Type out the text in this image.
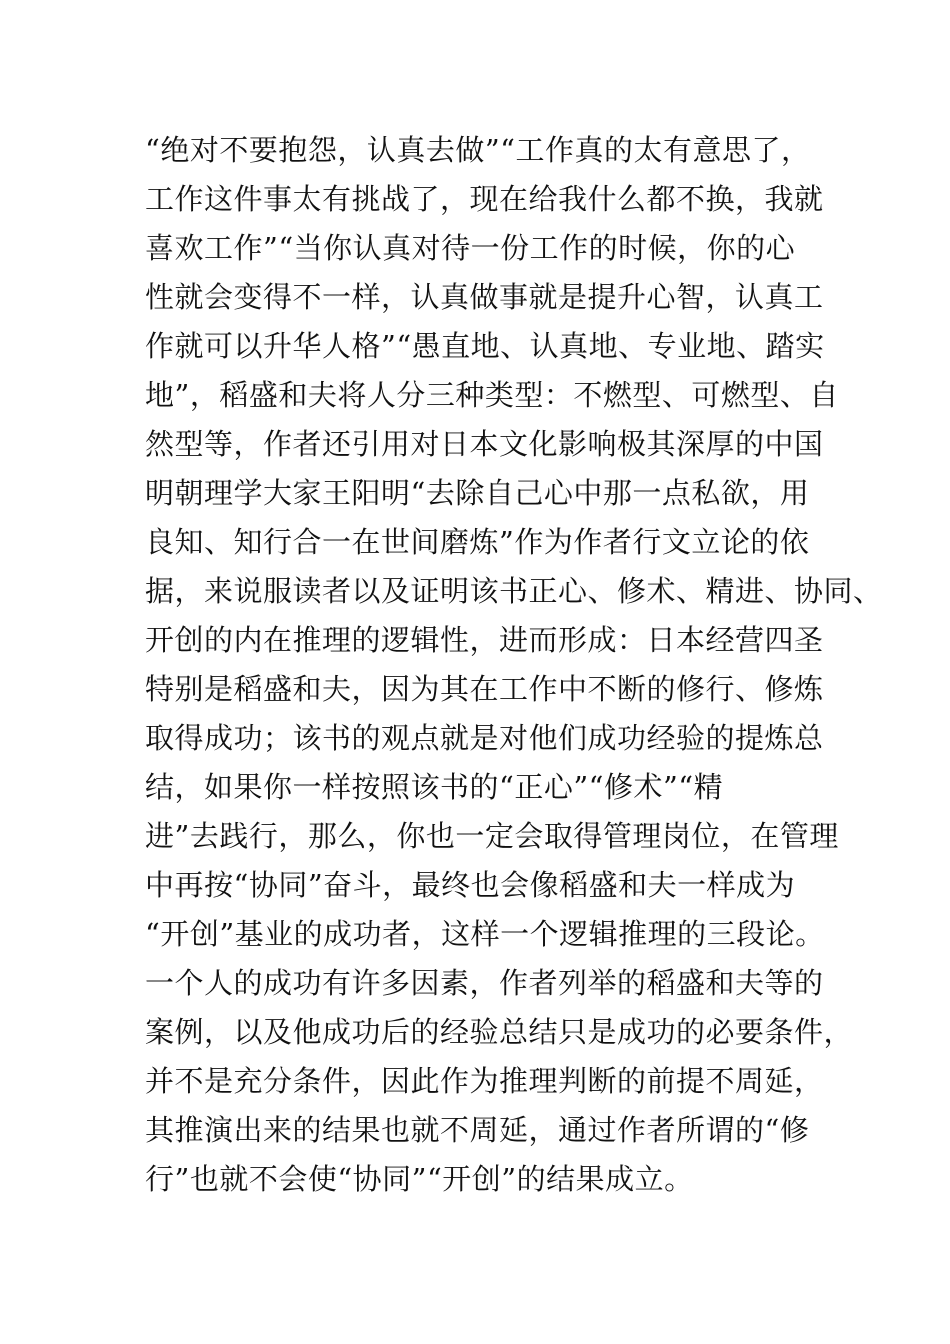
“绝对不要抱怨，认真去做”“工作真的太有意思了，
工作这件事太有挑战了，现在给我什么都不换，我就
喜欢工作”“当你认真对待一份工作的时候，你的心
性就会变得不一样，认真做事就是提升心智，认真工
作就可以升华人格”“愚直地、认真地、专业地、踏实
地”，稻盛和夫将人分三种类型：不燃型、可燃型、自
然型等，作者还引用对日本文化影响极其深厚的中国
明朝理学大家王阳明“去除自己心中那一点私欲，用
良知、知行合一在世间磨炼”作为作者行文立论的依
据，来说服读者以及证明该书正心、修术、精进、协同、
开创的内在推理的逻辑性，进而形成：日本经营四圣
特别是稻盛和夫，因为其在工作中不断的修行、修炼
取得成功；该书的观点就是对他们成功经验的提炼总
结，如果你一样按照该书的“正心”“修术”“精
进”去践行，那么，你也一定会取得管理岗位，在管理
中再按“协同”奋斗，最终也会像稻盛和夫一样成为
“开创”基业的成功者，这样一个逻辑推理的三段论。
一个人的成功有许多因素，作者列举的稻盛和夫等的
案例，以及他成功后的经验总结只是成功的必要条件，
并不是充分条件，因此作为推理判断的前提不周延，
其推演出来的结果也就不周延，通过作者所谓的“修
行”也就不会使“协同”“开创”的结果成立。
